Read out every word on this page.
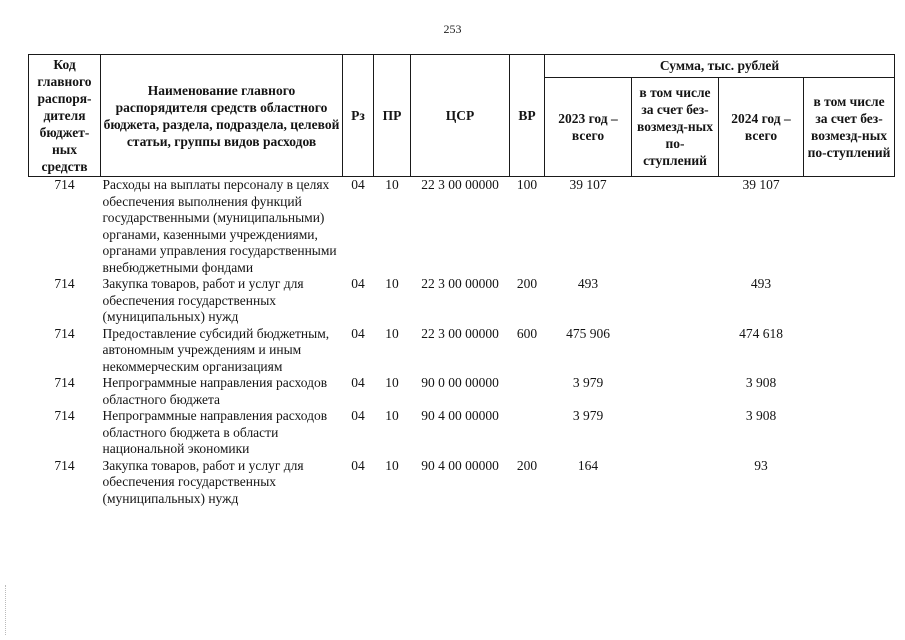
253
Код главного распоря-дителя бюджет-ных средств	Наименование главного распорядителя средств областного бюджета, раздела, подраздела, целевой статьи, группы видов расходов	Рз	ПР	ЦСР	ВР	Сумма, тыс. рублей			
						2023 год – всего	в том числе за счет без-возмезд-ных по-ступлений	2024 год – всего	в том числе за счет без-возмезд-ных по-ступлений
714	Расходы на выплаты персоналу в целях обеспечения выполнения функций государственными (муниципальными) органами, казенными учреждениями, органами управления государственными внебюджетными фондами	04	10	22 3 00 00000	100	39 107		39 107	
714	Закупка товаров, работ и услуг для обеспечения государственных (муниципальных) нужд	04	10	22 3 00 00000	200	493		493	
714	Предоставление субсидий бюджетным, автономным учреждениям и иным некоммерческим организациям	04	10	22 3 00 00000	600	475 906		474 618	
714	Непрограммные направления расходов областного бюджета	04	10	90 0 00 00000		3 979		3 908	
714	Непрограммные направления расходов областного бюджета в области национальной экономики	04	10	90 4 00 00000		3 979		3 908	
714	Закупка товаров, работ и услуг для обеспечения государственных (муниципальных) нужд	04	10	90 4 00 00000	200	164		93	
